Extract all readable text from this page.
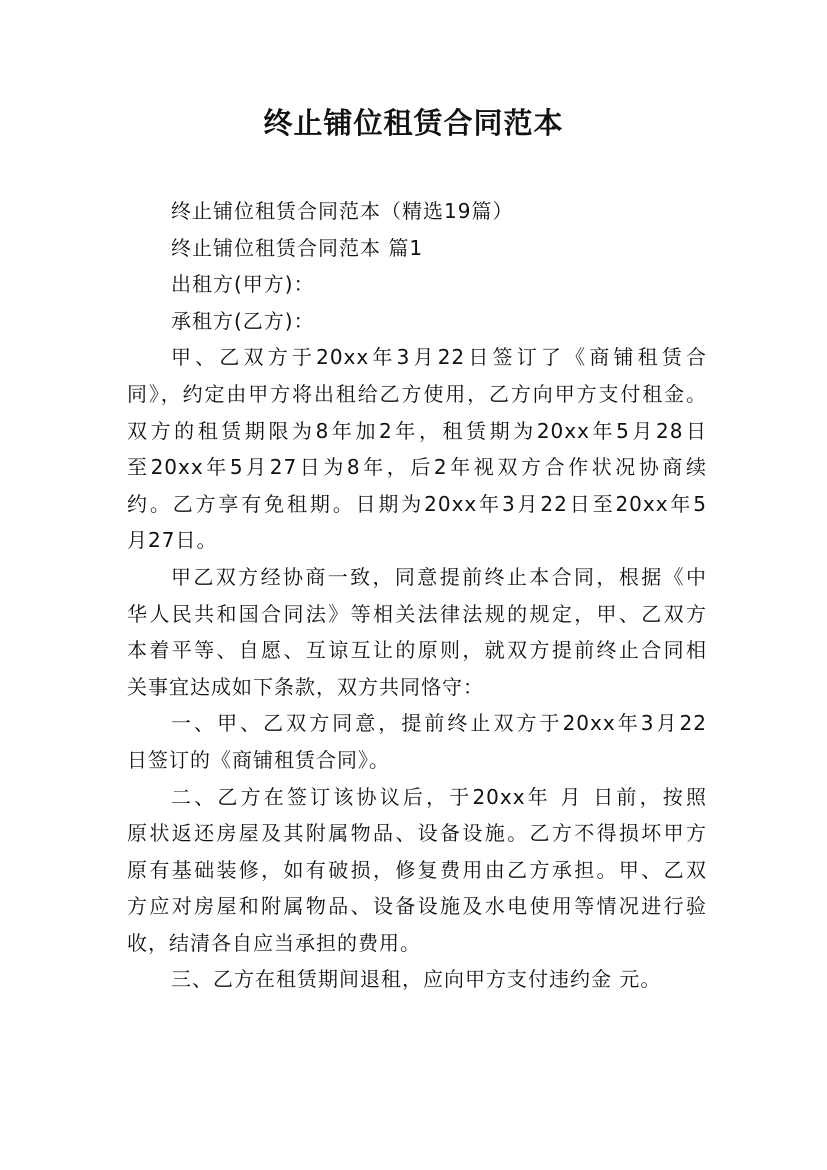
终止铺位租赁合同范本

终止铺位租赁合同范本（精选19篇）

终止铺位租赁合同范本 篇1

出租方(甲方)：

承租方(乙方)：

甲、乙双方于20xx年3月22日签订了《商铺租赁合
同》，约定由甲方将出租给乙方使用，乙方向甲方支付租金。
双方的租赁期限为8年加2年，租赁期为20xx年5月28日
至20xx年5月27日为8年，后2年视双方合作状况协商续
约。乙方享有免租期。日期为20xx年3月22日至20xx年5
月27日。
甲乙双方经协商一致，同意提前终止本合同，根据《中
华人民共和国合同法》等相关法律法规的规定，甲、乙双方
本着平等、自愿、互谅互让的原则，就双方提前终止合同相
关事宜达成如下条款，双方共同恪守：
一、甲、乙双方同意，提前终止双方于20xx年3月22
日签订的《商铺租赁合同》。
二、乙方在签订该协议后，于20xx年 月 日前，按照
原状返还房屋及其附属物品、设备设施。乙方不得损坏甲方
原有基础装修，如有破损，修复费用由乙方承担。甲、乙双
方应对房屋和附属物品、设备设施及水电使用等情况进行验
收，结清各自应当承担的费用。
三、乙方在租赁期间退租，应向甲方支付违约金 元。
